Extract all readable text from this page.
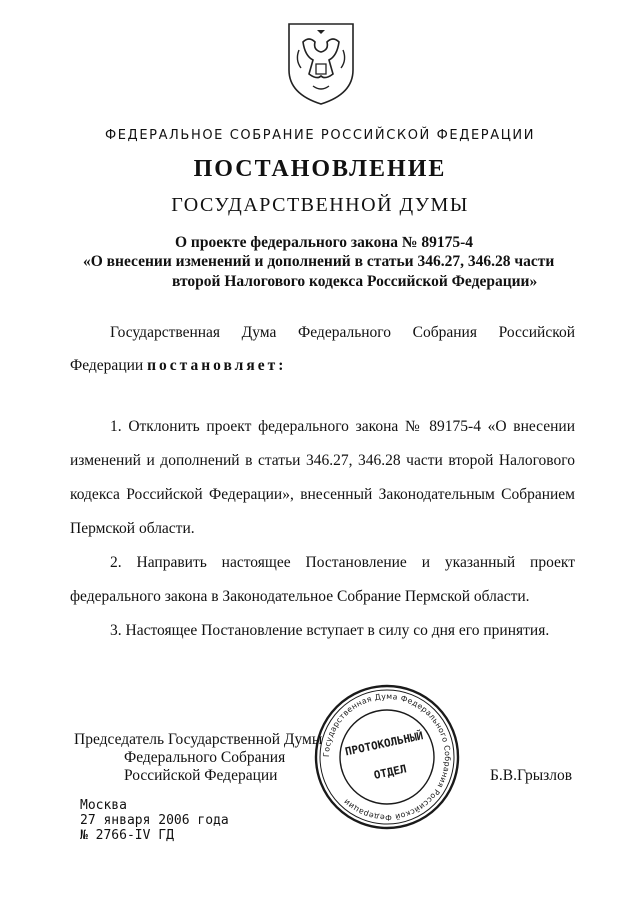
ФЕДЕРАЛЬНОЕ СОБРАНИЕ РОССИЙСКОЙ ФЕДЕРАЦИИ
ПОСТАНОВЛЕНИЕ
ГОСУДАРСТВЕННОЙ ДУМЫ
О проекте федерального закона № 89175-4
«О внесении изменений и дополнений в статьи 346.27, 346.28 части
второй Налогового кодекса Российской Федерации»
Государственная Дума Федерального Собрания Российской
Федерации постановляет:
1. Отклонить проект федерального закона № 89175-4 «О внесении
изменений и дополнений в статьи 346.27, 346.28 части второй Налогового
кодекса Российской Федерации», внесенный Законодательным Собранием
Пермской области.
2. Направить настоящее Постановление и указанный проект
федерального закона в Законодательное Собрание Пермской области.
3. Настоящее Постановление вступает в силу со дня его принятия.
Государственная Дума Федерального Собрания Российской Федерации
ПРОТОКОЛЬНЫЙ
ОТДЕЛ
Председатель Государственной Думы
Федерального Собрания
Российской Федерации	Б.В.Грызлов
Москва
27 января 2006 года
№ 2766-IV ГД
